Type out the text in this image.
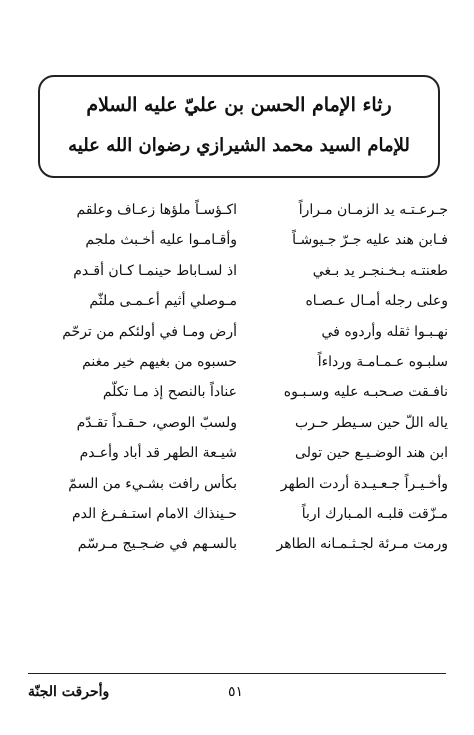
رثاء الإمام الحسن بن عليّ عليه السلام
للإمام السيد محمد الشيرازي رضوان الله عليه
جـرعـتـه يد الزمـان مـراراً
اكـؤسـاً ملؤها زعـاف وعلقم
فـابن هند عليه جـرّ جـيوشـاً
وأقـامـوا عليه أخـبث ملجم
طعنتـه بـخـنجـر يد بـغي
اذ لسـاباط حينمـا كـان أقـدم
وعلى رجله أمـال عـصـاه
مـوصلي أثيم أعـمـى ملثّم
نهـبـوا ثقله وأردوه في
أرض ومـا في أولئكم من ترحّم
سلبـوه عـمـامـة ورداءاً
حسبوه من بغيهم خير مغنم
نافـقت صـحبـه عليه وسـبـوه
عناداً بالنصح إذ مـا تكلّم
ياله اللّ حين سـيطر حـرب
ولسبّ الوصي، حـقـداً تقـدّم
ابن هند الوضـيـع حين تولى
شيـعة الطهر قد أباد وأعـدم
وأخـيـراً جـعـيـدة أردت الطهر
بكأس رافت بشـيء من السمّ
مـزّقت قلبـه المـبارك ارباً
حـينذاك الامام استـفـرغ الدم
ورمت مـرئة لجـثـمـانه الطاهر
بالسـهم في ضـجـيج مـرسّم
وأحرقت الجنّة	٥١
